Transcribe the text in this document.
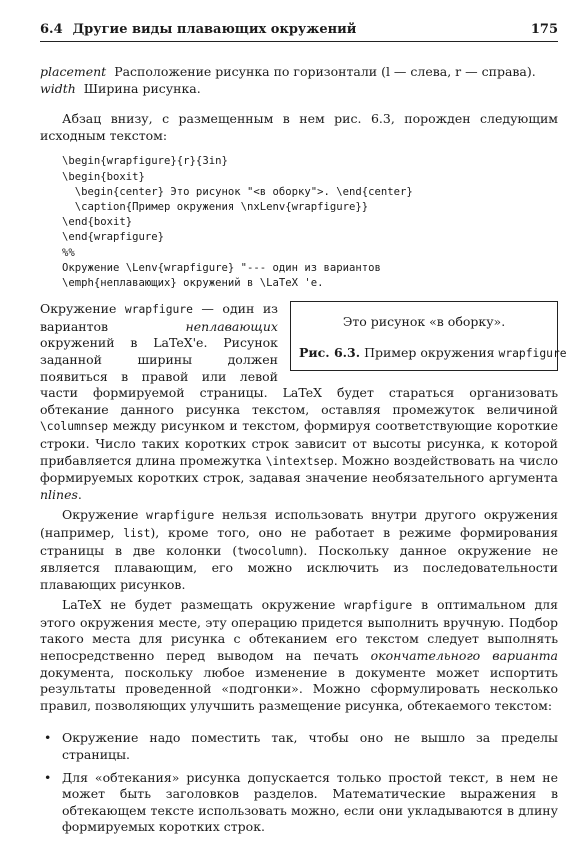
6.4 Другие виды плавающих окружений	175
placement Расположение рисунка по горизонтали (l — слева, r — справа).
width Ширина рисунка.

Абзац внизу, с размещенным в нем рис. 6.3, порожден следующим исходным текстом:

\begin{wrapfigure}{r}{3in}
\begin{boxit}
\begin{center} Это рисунок "<в оборку">. \end{center}
\caption{Пример окружения \nxLenv{wrapfigure}}
\end{boxit}
\end{wrapfigure}
%%
Окружение \Lenv{wrapfigure} "--- один из вариантов
\emph{неплавающих} окружений в \LaTeX 'е.
Это рисунок «в оборку».
Рис. 6.3. Пример окружения wrapfigure

Окружение wrapfigure — один из вариантов неплавающих окружений в LaTeX'е. Рисунок заданной ширины должен появиться в правой или левой части формируемой страницы. LaTeX будет стараться организовать обтекание данного рисунка текстом, оставляя промежуток величиной \columnsep между рисунком и текстом, формируя соответствующие короткие строки. Число таких коротких строк зависит от высоты рисунка, к которой прибавляется длина промежутка \intextsep. Можно воздействовать на число формируемых коротких строк, задавая значение необязательного аргумента nlines.

Окружение wrapfigure нельзя использовать внутри другого окружения (например, list), кроме того, оно не работает в режиме формирования страницы в две колонки (twocolumn). Поскольку данное окружение не является плавающим, его можно исключить из последовательности плавающих рисунков.

LaTeX не будет размещать окружение wrapfigure в оптимальном для этого окружения месте, эту операцию придется выполнить вручную. Подбор такого места для рисунка с обтеканием его текстом следует выполнять непосредственно перед выводом на печать окончательного варианта документа, поскольку любое изменение в документе может испортить результаты проведенной «подгонки». Можно сформулировать несколько правил, позволяющих улучшить размещение рисунка, обтекаемого текстом:

• Окружение надо поместить так, чтобы оно не вышло за пределы страницы.
• Для «обтекания» рисунка допускается только простой текст, в нем не может быть заголовков разделов. Математические выражения в обтекающем тексте использовать можно, если они укладываются в длину формируемых коротких строк.
